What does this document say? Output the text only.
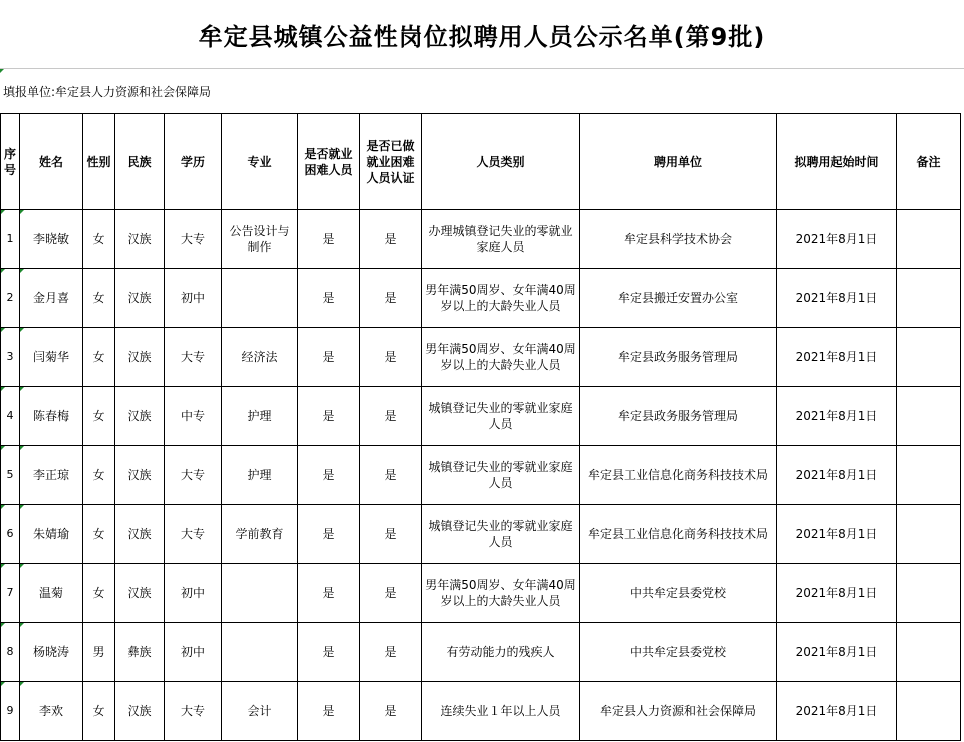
牟定县城镇公益性岗位拟聘用人员公示名单(第9批)
填报单位:牟定县人力资源和社会保障局
序号	姓名	性别	民族	学历	专业	是否就业困难人员	是否已做就业困难人员认证	人员类别	聘用单位	拟聘用起始时间	备注

1	李晓敏	女	汉族	大专	公告设计与制作	是	是	办理城镇登记失业的零就业家庭人员	牟定县科学技术协会	2021年8月1日	

2	金月喜	女	汉族	初中		是	是	男年满50周岁、女年满40周岁以上的大龄失业人员	牟定县搬迁安置办公室	2021年8月1日	

3	闫菊华	女	汉族	大专	经济法	是	是	男年满50周岁、女年满40周岁以上的大龄失业人员	牟定县政务服务管理局	2021年8月1日	

4	陈春梅	女	汉族	中专	护理	是	是	城镇登记失业的零就业家庭人员	牟定县政务服务管理局	2021年8月1日	

5	李正琼	女	汉族	大专	护理	是	是	城镇登记失业的零就业家庭人员	牟定县工业信息化商务科技技术局	2021年8月1日	

6	朱婧瑜	女	汉族	大专	学前教育	是	是	城镇登记失业的零就业家庭人员	牟定县工业信息化商务科技技术局	2021年8月1日	

7	温菊	女	汉族	初中		是	是	男年满50周岁、女年满40周岁以上的大龄失业人员	中共牟定县委党校	2021年8月1日	

8	杨晓涛	男	彝族	初中		是	是	有劳动能力的残疾人	中共牟定县委党校	2021年8月1日	

9	李欢	女	汉族	大专	会计	是	是	连续失业１年以上人员	牟定县人力资源和社会保障局	2021年8月1日	
